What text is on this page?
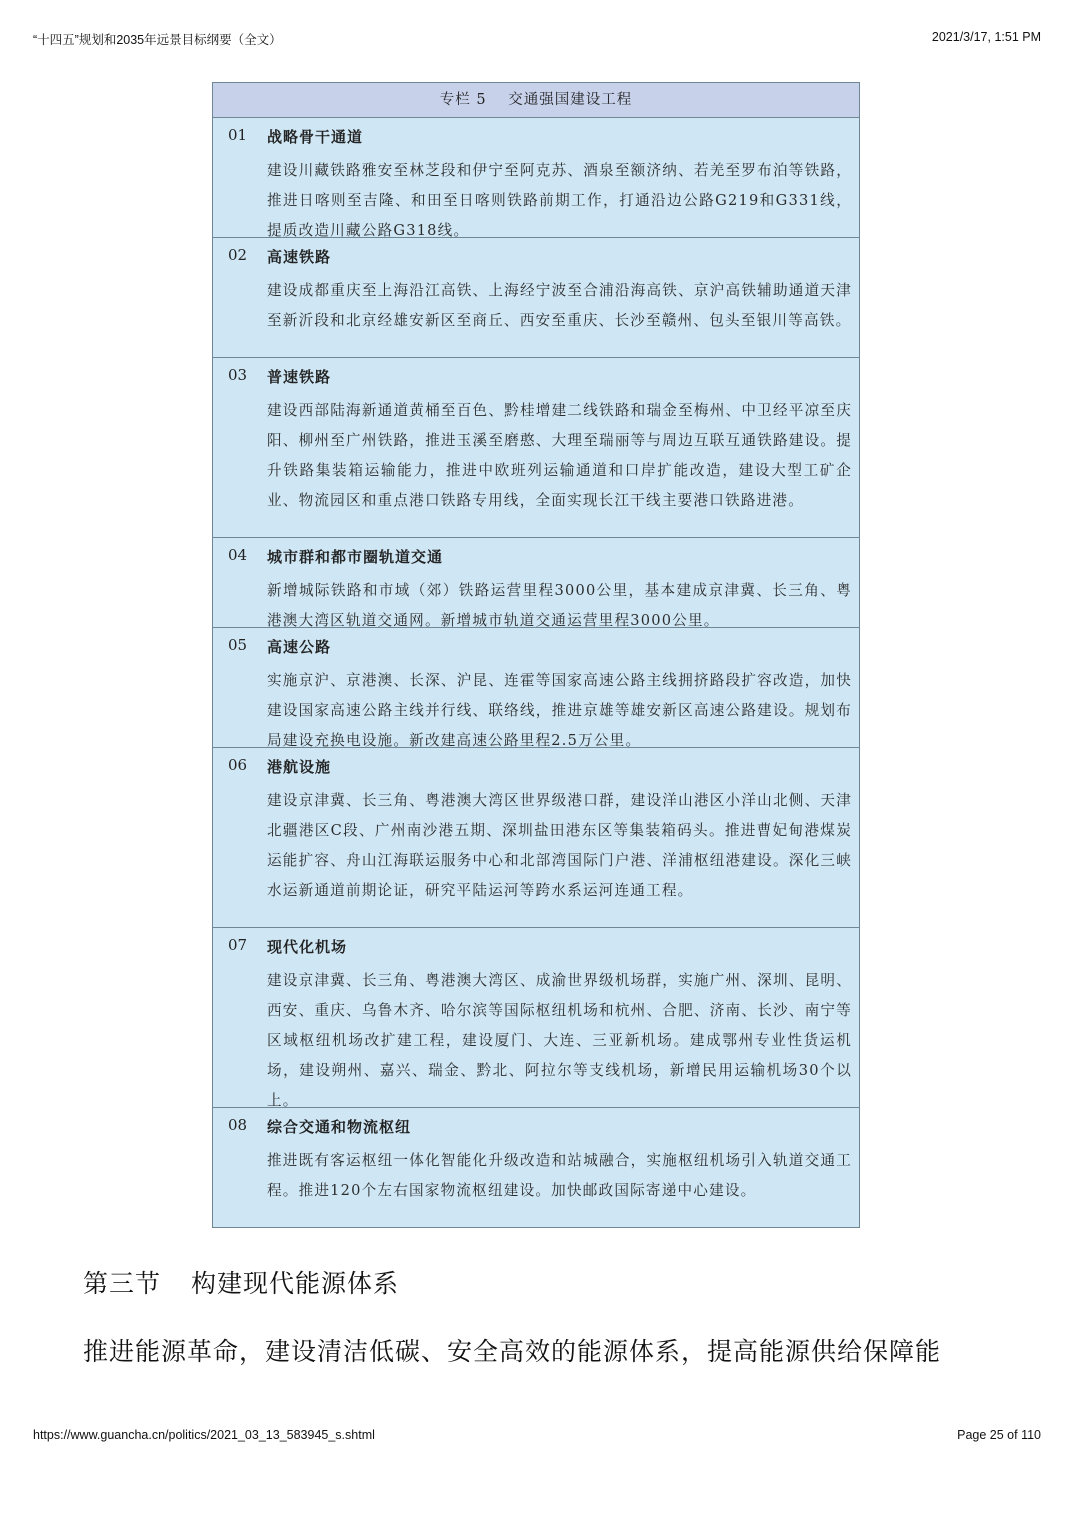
“十四五”规划和2035年远景目标纲要（全文）	2021/3/17, 1:51 PM
专栏 5 交通强国建设工程
01 战略骨干通道
建设川藏铁路雅安至林芝段和伊宁至阿克苏、酒泉至额济纳、若羌至罗布泊等铁路，推进日喀则至吉隆、和田至日喀则铁路前期工作，打通沿边公路G219和G331线，提质改造川藏公路G318线。
02 高速铁路
建设成都重庆至上海沿江高铁、上海经宁波至合浦沿海高铁、京沪高铁辅助通道天津至新沂段和北京经雄安新区至商丘、西安至重庆、长沙至赣州、包头至银川等高铁。
03 普速铁路
建设西部陆海新通道黄桶至百色、黔桂增建二线铁路和瑞金至梅州、中卫经平凉至庆阳、柳州至广州铁路，推进玉溪至磨憨、大理至瑞丽等与周边互联互通铁路建设。提升铁路集装箱运输能力，推进中欧班列运输通道和口岸扩能改造，建设大型工矿企业、物流园区和重点港口铁路专用线，全面实现长江干线主要港口铁路进港。
04 城市群和都市圈轨道交通
新增城际铁路和市域（郊）铁路运营里程3000公里，基本建成京津冀、长三角、粤港澳大湾区轨道交通网。新增城市轨道交通运营里程3000公里。
05 高速公路
实施京沪、京港澳、长深、沪昆、连霍等国家高速公路主线拥挤路段扩容改造，加快建设国家高速公路主线并行线、联络线，推进京雄等雄安新区高速公路建设。规划布局建设充换电设施。新改建高速公路里程2.5万公里。
06 港航设施
建设京津冀、长三角、粤港澳大湾区世界级港口群，建设洋山港区小洋山北侧、天津北疆港区C段、广州南沙港五期、深圳盐田港东区等集装箱码头。推进曹妃甸港煤炭运能扩容、舟山江海联运服务中心和北部湾国际门户港、洋浦枢纽港建设。深化三峡水运新通道前期论证，研究平陆运河等跨水系运河连通工程。
07 现代化机场
建设京津冀、长三角、粤港澳大湾区、成渝世界级机场群，实施广州、深圳、昆明、西安、重庆、乌鲁木齐、哈尔滨等国际枢纽机场和杭州、合肥、济南、长沙、南宁等区域枢纽机场改扩建工程，建设厦门、大连、三亚新机场。建成鄂州专业性货运机场，建设朔州、嘉兴、瑞金、黔北、阿拉尔等支线机场，新增民用运输机场30个以上。
08 综合交通和物流枢纽
推进既有客运枢纽一体化智能化升级改造和站城融合，实施枢纽机场引入轨道交通工程。推进120个左右国家物流枢纽建设。加快邮政国际寄递中心建设。
第三节 构建现代能源体系
推进能源革命，建设清洁低碳、安全高效的能源体系，提高能源供给保障能
https://www.guancha.cn/politics/2021_03_13_583945_s.shtml	Page 25 of 110
